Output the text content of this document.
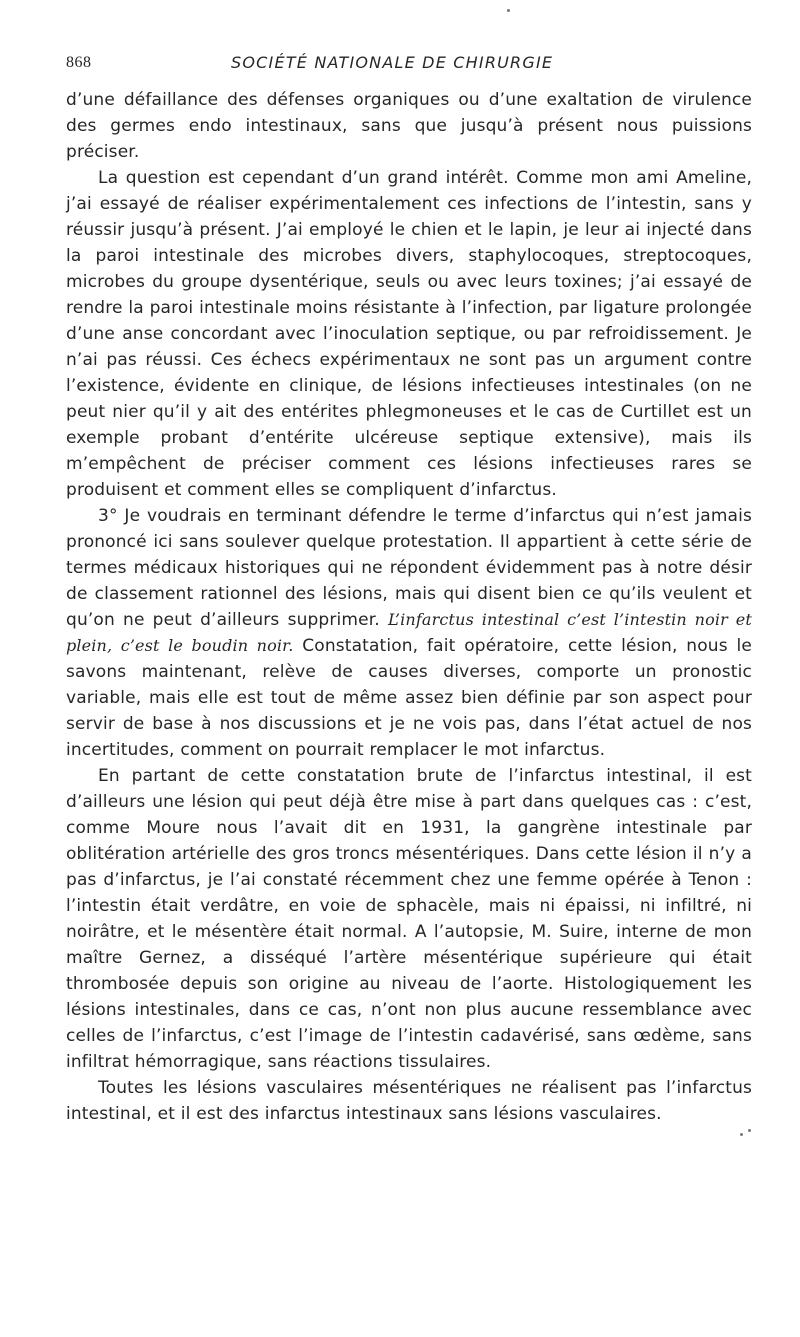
868	SOCIÉTÉ NATIONALE DE CHIRURGIE

d’une défaillance des défenses organiques ou d’une exaltation de virulence des germes endo intestinaux, sans que jusqu’à présent nous puissions préciser.

La question est cependant d’un grand intérêt. Comme mon ami Ameline, j’ai essayé de réaliser expérimentalement ces infections de l’intestin, sans y réussir jusqu’à présent. J’ai employé le chien et le lapin, je leur ai injecté dans la paroi intestinale des microbes divers, staphylocoques, streptocoques, microbes du groupe dysentérique, seuls ou avec leurs toxines; j’ai essayé de rendre la paroi intestinale moins résistante à l’infection, par ligature prolongée d’une anse concordant avec l’inoculation septique, ou par refroidissement. Je n’ai pas réussi. Ces échecs expérimentaux ne sont pas un argument contre l’existence, évidente en clinique, de lésions infectieuses intestinales (on ne peut nier qu’il y ait des entérites phlegmoneuses et le cas de Curtillet est un exemple probant d’entérite ulcéreuse septique extensive), mais ils m’empêchent de préciser comment ces lésions infectieuses rares se produisent et comment elles se compliquent d’infarctus.

3° Je voudrais en terminant défendre le terme d’infarctus qui n’est jamais prononcé ici sans soulever quelque protestation. Il appartient à cette série de termes médicaux historiques qui ne répondent évidemment pas à notre désir de classement rationnel des lésions, mais qui disent bien ce qu’ils veulent et qu’on ne peut d’ailleurs supprimer. L’infarctus intestinal c’est l’intestin noir et plein, c’est le boudin noir. Constatation, fait opératoire, cette lésion, nous le savons maintenant, relève de causes diverses, comporte un pronostic variable, mais elle est tout de même assez bien définie par son aspect pour servir de base à nos discussions et je ne vois pas, dans l’état actuel de nos incertitudes, comment on pourrait remplacer le mot infarctus.

En partant de cette constatation brute de l’infarctus intestinal, il est d’ailleurs une lésion qui peut déjà être mise à part dans quelques cas : c’est, comme Moure nous l’avait dit en 1931, la gangrène intestinale par oblitération artérielle des gros troncs mésentériques. Dans cette lésion il n’y a pas d’infarctus, je l’ai constaté récemment chez une femme opérée à Tenon : l’intestin était verdâtre, en voie de sphacèle, mais ni épaissi, ni infiltré, ni noirâtre, et le mésentère était normal. A l’autopsie, M. Suire, interne de mon maître Gernez, a disséqué l’artère mésentérique supérieure qui était thrombosée depuis son origine au niveau de l’aorte. Histologiquement les lésions intestinales, dans ce cas, n’ont non plus aucune ressemblance avec celles de l’infarctus, c’est l’image de l’intestin cadavérisé, sans œdème, sans infiltrat hémorragique, sans réactions tissulaires.

Toutes les lésions vasculaires mésentériques ne réalisent pas l’infarctus intestinal, et il est des infarctus intestinaux sans lésions vasculaires.
